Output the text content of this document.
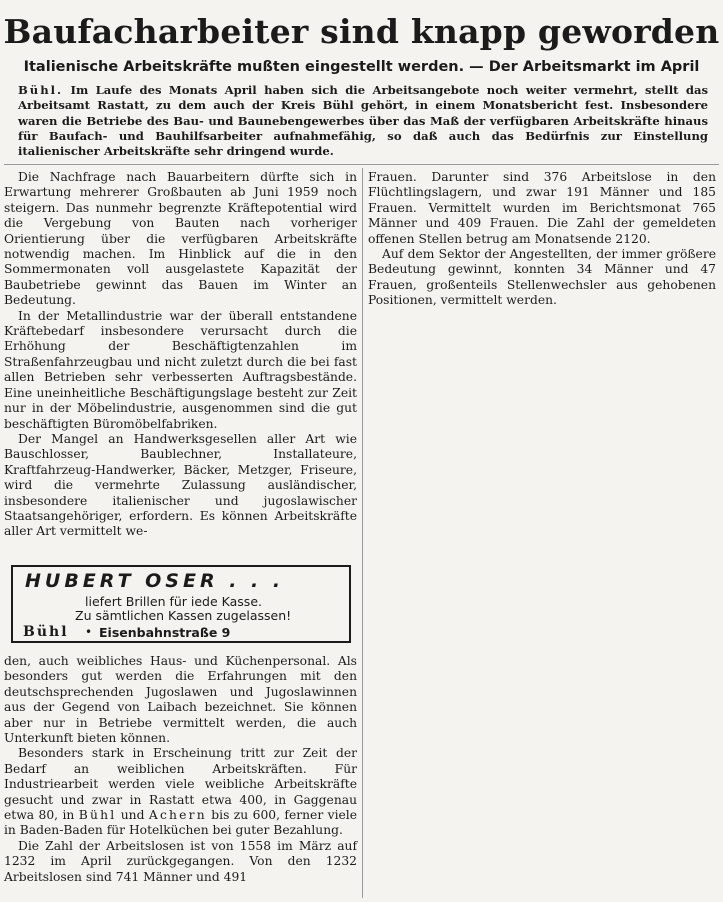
Baufacharbeiter sind knapp geworden
Italienische Arbeitskräfte mußten eingestellt werden. — Der Arbeitsmarkt im April
Bühl. Im Laufe des Monats April haben sich die Arbeitsangebote noch weiter vermehrt, stellt das Arbeitsamt Rastatt, zu dem auch der Kreis Bühl gehört, in einem Monatsbericht fest. Insbesondere waren die Betriebe des Bau- und Baunebengewerbes über das Maß der verfügbaren Arbeitskräfte hinaus für Baufach- und Bauhilfsarbeiter aufnahmefähig, so daß auch das Bedürfnis zur Einstellung italienischer Arbeitskräfte sehr dringend wurde.

Die Nachfrage nach Bauarbeitern dürfte sich in Erwartung mehrerer Großbauten ab Juni 1959 noch steigern. Das nunmehr begrenzte Kräftepotential wird die Vergebung von Bauten nach vorheriger Orientierung über die verfügbaren Arbeitskräfte notwendig machen. Im Hinblick auf die in den Sommermonaten voll ausgelastete Kapazität der Baubetriebe gewinnt das Bauen im Winter an Bedeutung.

In der Metallindustrie war der überall entstandene Kräftebedarf insbesondere verursacht durch die Erhöhung der Beschäftigtenzahlen im Straßenfahrzeugbau und nicht zuletzt durch die bei fast allen Betrieben sehr verbesserten Auftragsbestände. Eine uneinheitliche Beschäftigungslage besteht zur Zeit nur in der Möbelindustrie, ausgenommen sind die gut beschäftigten Büromöbelfabriken.

Der Mangel an Handwerksgesellen aller Art wie Bauschlosser, Baublechner, Installateure, Kraftfahrzeug-Handwerker, Bäcker, Metzger, Friseure, wird die vermehrte Zulassung ausländischer, insbesondere italienischer und jugoslawischer Staatsangehöriger, erfordern. Es können Arbeitskräfte aller Art vermittelt we-

HUBERT OSER . . .
liefert Brillen für iede Kasse.
Zu sämtlichen Kassen zugelassen!
Bühl • Eisenbahnstraße 9

den, auch weibliches Haus- und Küchenpersonal. Als besonders gut werden die Erfahrungen mit den deutschsprechenden Jugoslawen und Jugoslawinnen aus der Gegend von Laibach bezeichnet. Sie können aber nur in Betriebe vermittelt werden, die auch Unterkunft bieten können.

Besonders stark in Erscheinung tritt zur Zeit der Bedarf an weiblichen Arbeitskräften. Für Industriearbeit werden viele weibliche Arbeitskräfte gesucht und zwar in Rastatt etwa 400, in Gaggenau etwa 80, in Bühl und Achern bis zu 600, ferner viele in Baden-Baden für Hotelküchen bei guter Bezahlung.

Die Zahl der Arbeitslosen ist von 1558 im März auf 1232 im April zurückgegangen. Von den 1232 Arbeitslosen sind 741 Männer und 491

Frauen. Darunter sind 376 Arbeitslose in den Flüchtlingslagern, und zwar 191 Männer und 185 Frauen. Vermittelt wurden im Berichtsmonat 765 Männer und 409 Frauen. Die Zahl der gemeldeten offenen Stellen betrug am Monatsende 2120.

Auf dem Sektor der Angestellten, der immer größere Bedeutung gewinnt, konnten 34 Männer und 47 Frauen, großenteils Stellenwechsler aus gehobenen Positionen, vermittelt werden.
